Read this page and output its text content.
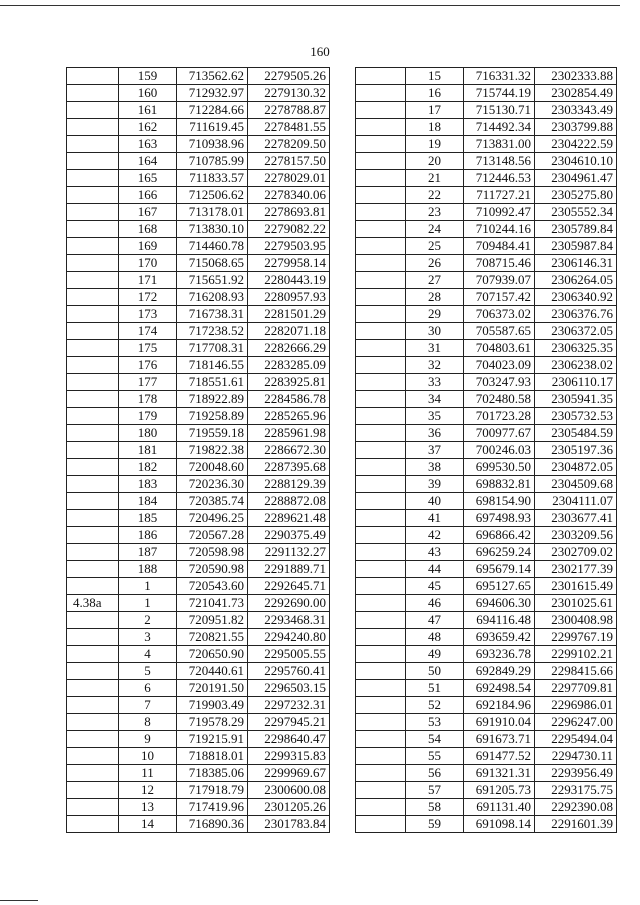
160
	159	713562.62	2279505.26
	160	712932.97	2279130.32
	161	712284.66	2278788.87
	162	711619.45	2278481.55
	163	710938.96	2278209.50
	164	710785.99	2278157.50
	165	711833.57	2278029.01
	166	712506.62	2278340.06
	167	713178.01	2278693.81
	168	713830.10	2279082.22
	169	714460.78	2279503.95
	170	715068.65	2279958.14
	171	715651.92	2280443.19
	172	716208.93	2280957.93
	173	716738.31	2281501.29
	174	717238.52	2282071.18
	175	717708.31	2282666.29
	176	718146.55	2283285.09
	177	718551.61	2283925.81
	178	718922.89	2284586.78
	179	719258.89	2285265.96
	180	719559.18	2285961.98
	181	719822.38	2286672.30
	182	720048.60	2287395.68
	183	720236.30	2288129.39
	184	720385.74	2288872.08
	185	720496.25	2289621.48
	186	720567.28	2290375.49
	187	720598.98	2291132.27
	188	720590.98	2291889.71
	1	720543.60	2292645.71
4.38a	1	721041.73	2292690.00
	2	720951.82	2293468.31
	3	720821.55	2294240.80
	4	720650.90	2295005.55
	5	720440.61	2295760.41
	6	720191.50	2296503.15
	7	719903.49	2297232.31
	8	719578.29	2297945.21
	9	719215.91	2298640.47
	10	718818.01	2299315.83
	11	718385.06	2299969.67
	12	717918.79	2300600.08
	13	717419.96	2301205.26
	14	716890.36	2301783.84
	15	716331.32	2302333.88
	16	715744.19	2302854.49
	17	715130.71	2303343.49
	18	714492.34	2303799.88
	19	713831.00	2304222.59
	20	713148.56	2304610.10
	21	712446.53	2304961.47
	22	711727.21	2305275.80
	23	710992.47	2305552.34
	24	710244.16	2305789.84
	25	709484.41	2305987.84
	26	708715.46	2306146.31
	27	707939.07	2306264.05
	28	707157.42	2306340.92
	29	706373.02	2306376.76
	30	705587.65	2306372.05
	31	704803.61	2306325.35
	32	704023.09	2306238.02
	33	703247.93	2306110.17
	34	702480.58	2305941.35
	35	701723.28	2305732.53
	36	700977.67	2305484.59
	37	700246.03	2305197.36
	38	699530.50	2304872.05
	39	698832.81	2304509.68
	40	698154.90	2304111.07
	41	697498.93	2303677.41
	42	696866.42	2303209.56
	43	696259.24	2302709.02
	44	695679.14	2302177.39
	45	695127.65	2301615.49
	46	694606.30	2301025.61
	47	694116.48	2300408.98
	48	693659.42	2299767.19
	49	693236.78	2299102.21
	50	692849.29	2298415.66
	51	692498.54	2297709.81
	52	692184.96	2296986.01
	53	691910.04	2296247.00
	54	691673.71	2295494.04
	55	691477.52	2294730.11
	56	691321.31	2293956.49
	57	691205.73	2293175.75
	58	691131.40	2292390.08
	59	691098.14	2291601.39
